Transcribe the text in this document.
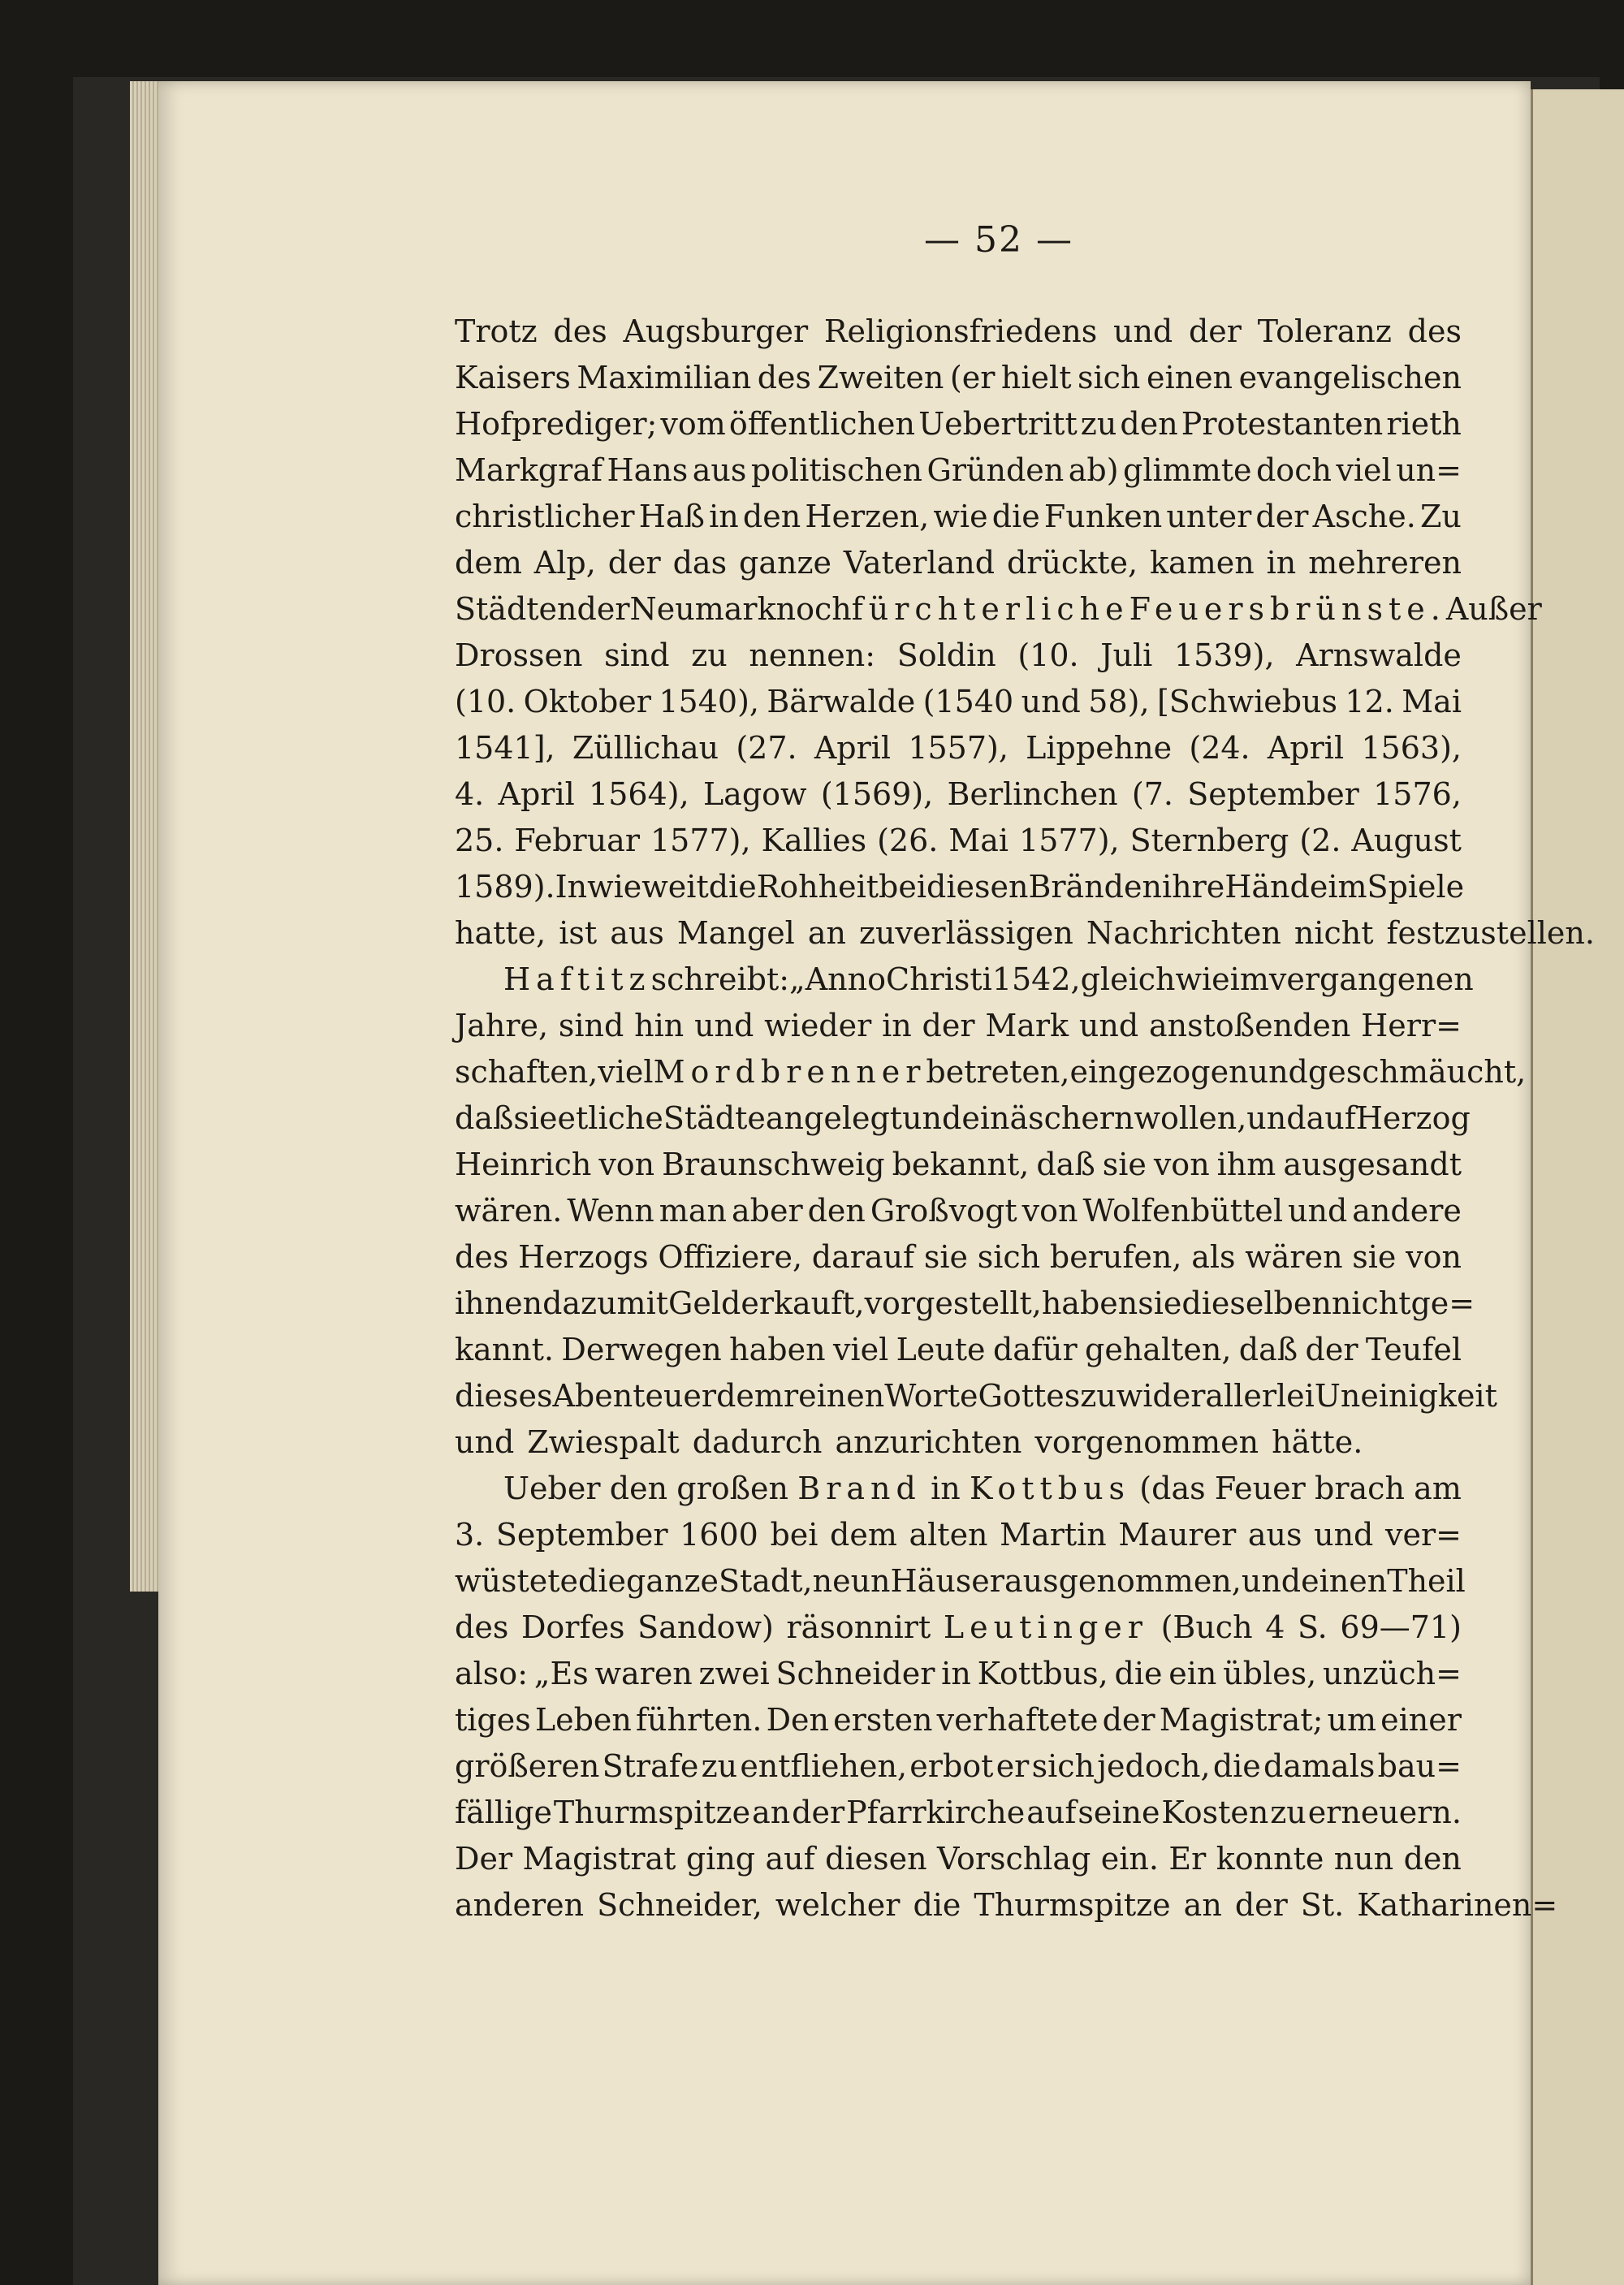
— 52 —
Trotz des Augsburger Religionsfriedens und der Toleranz des
Kaisers Maximilian des Zweiten (er hielt sich einen evangelischen
Hofprediger; vom öffentlichen Uebertritt zu den Protestanten rieth
Markgraf Hans aus politischen Gründen ab) glimmte doch viel un=
christlicher Haß in den Herzen, wie die Funken unter der Asche. Zu
dem Alp, der das ganze Vaterland drückte, kamen in mehreren
Städten der Neumark noch fürchterliche Feuersbrünste. Außer
Drossen sind zu nennen: Soldin (10. Juli 1539), Arnswalde
(10. Oktober 1540), Bärwalde (1540 und 58), [Schwiebus 12. Mai
1541], Züllichau (27. April 1557), Lippehne (24. April 1563),
4. April 1564), Lagow (1569), Berlinchen (7. September 1576,
25. Februar 1577), Kallies (26. Mai 1577), Sternberg (2. August
1589). Inwieweit die Rohheit bei diesen Bränden ihre Hände im Spiele
hatte, ist aus Mangel an zuverlässigen Nachrichten nicht festzustellen.
Haftitz schreibt: „Anno Christi 1542, gleich wie im vergangenen
Jahre, sind hin und wieder in der Mark und anstoßenden Herr=
schaften, viel Mordbrenner betreten, eingezogen und geschmäucht,
daß sie etliche Städte angelegt und einäschern wollen, und auf Herzog
Heinrich von Braunschweig bekannt, daß sie von ihm ausgesandt
wären. Wenn man aber den Großvogt von Wolfenbüttel und andere
des Herzogs Offiziere, darauf sie sich berufen, als wären sie von
ihnen dazu mit Geld erkauft, vorgestellt, haben sie dieselben nicht ge=
kannt. Derwegen haben viel Leute dafür gehalten, daß der Teufel
dieses Abenteuer dem reinen Worte Gottes zuwider allerlei Uneinigkeit
und Zwiespalt dadurch anzurichten vorgenommen hätte.
Ueber den großen Brand in Kottbus (das Feuer brach am
3. September 1600 bei dem alten Martin Maurer aus und ver=
wüstete die ganze Stadt, neun Häuser ausgenommen, und einen Theil
des Dorfes Sandow) räsonnirt Leutinger (Buch 4 S. 69—71)
also: „Es waren zwei Schneider in Kottbus, die ein übles, unzüch=
tiges Leben führten. Den ersten verhaftete der Magistrat; um einer
größeren Strafe zu entfliehen, erbot er sich jedoch, die damals bau=
fällige Thurmspitze an der Pfarrkirche auf seine Kosten zu erneuern.
Der Magistrat ging auf diesen Vorschlag ein. Er konnte nun den
anderen Schneider, welcher die Thurmspitze an der St. Katharinen=
